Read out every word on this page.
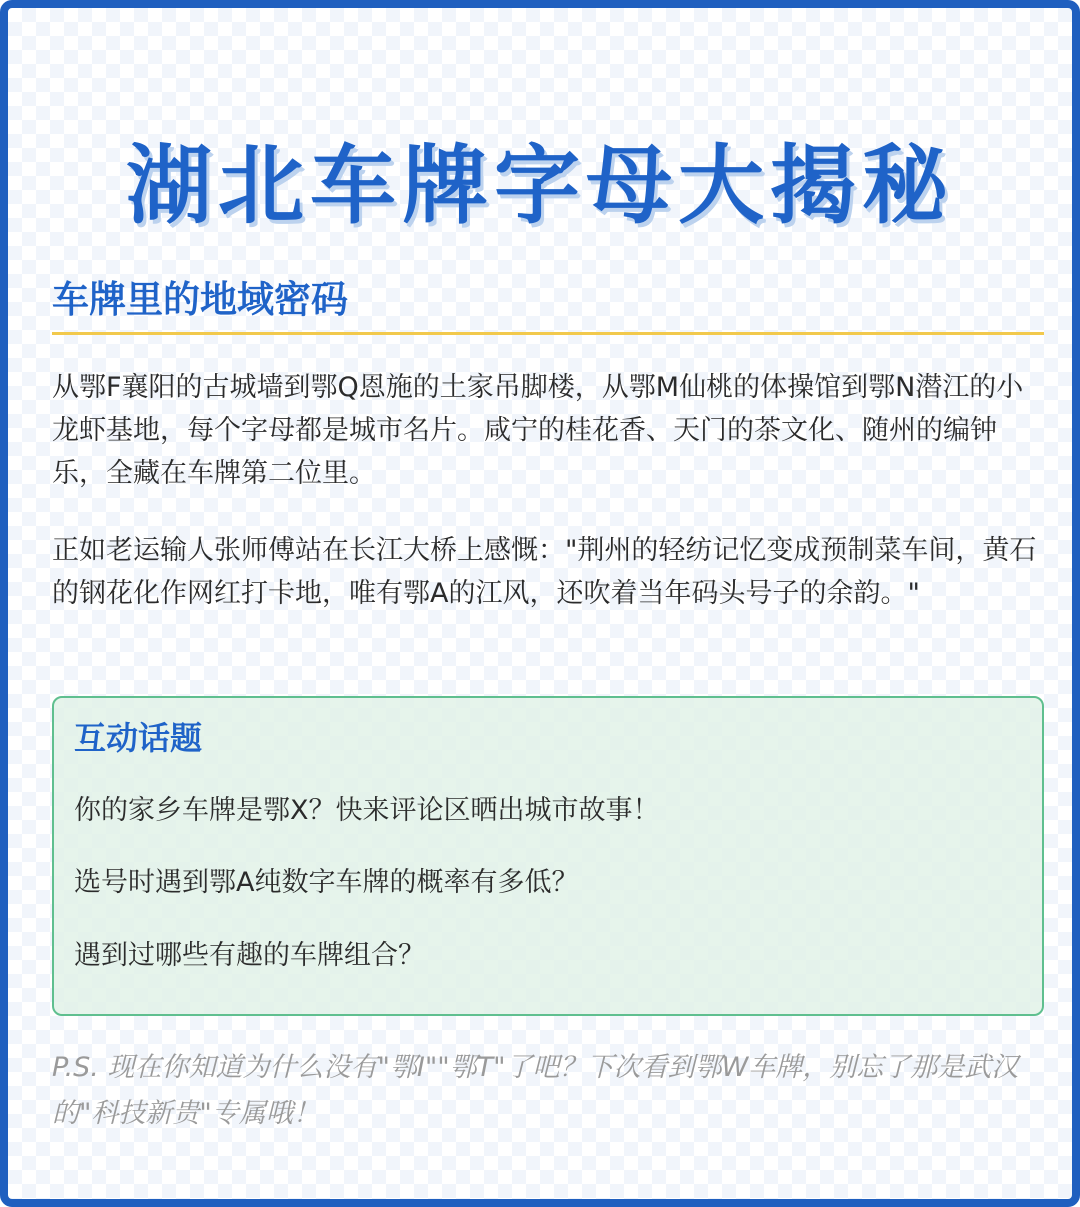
湖北车牌字母大揭秘
车牌里的地域密码

从鄂F襄阳的古城墙到鄂Q恩施的土家吊脚楼，从鄂M仙桃的体操馆到鄂N潜江的小龙虾基地，每个字母都是城市名片。咸宁的桂花香、天门的茶文化、随州的编钟乐，全藏在车牌第二位里。

正如老运输人张师傅站在长江大桥上感慨："荆州的轻纺记忆变成预制菜车间，黄石的钢花化作网红打卡地，唯有鄂A的江风，还吹着当年码头号子的余韵。"

互动话题
你的家乡车牌是鄂X？快来评论区晒出城市故事！
选号时遇到鄂A纯数字车牌的概率有多低？
遇到过哪些有趣的车牌组合？

P.S. 现在你知道为什么没有"鄂I""鄂T"了吧？下次看到鄂W车牌，别忘了那是武汉的"科技新贵"专属哦！
